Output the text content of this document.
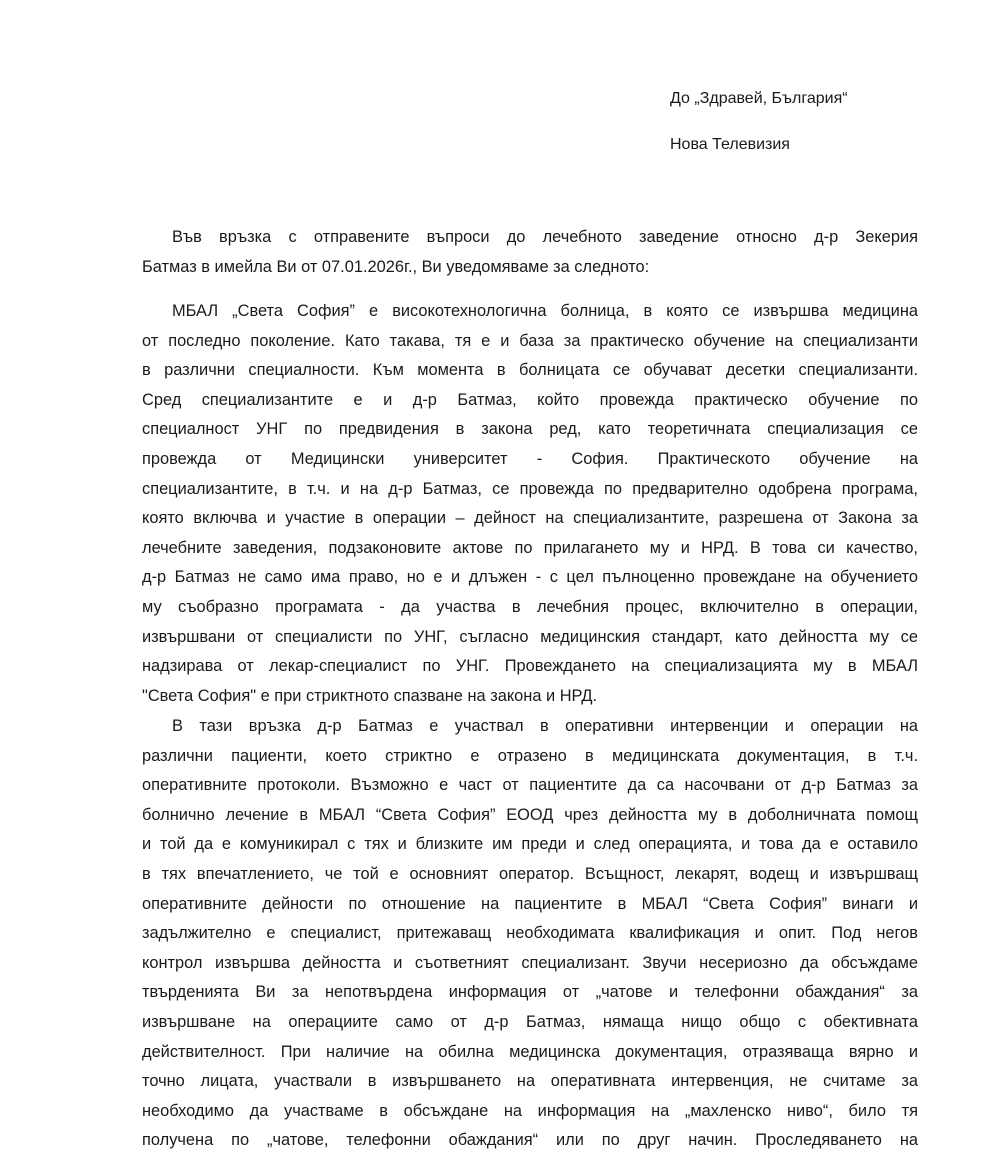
До „Здравей, България“
Нова Телевизия
Във връзка с отправените въпроси до лечебното заведение относно д-р Зекерия
Батмаз в имейла Ви от 07.01.2026г., Ви уведомяваме за следното:
МБАЛ „Света София” е високотехнологична болница, в която се извършва медицина
от последно поколение. Като такава, тя е и база за практическо обучение на специализанти
в различни специалности. Към момента в болницата се обучават десетки специализанти.
Сред специализантите е и д-р Батмаз, който провежда практическо обучение по
специалност УНГ по предвидения в закона ред, като теоретичната специализация се
провежда от Медицински университет - София. Практическото обучение на
специализантите, в т.ч. и на д-р Батмаз, се провежда по предварително одобрена програма,
която включва и участие в операции – дейност на специализантите, разрешена от Закона за
лечебните заведения, подзаконовите актове по прилагането му и НРД. В това си качество,
д-р Батмаз не само има право, но е и длъжен - с цел пълноценно провеждане на обучението
му съобразно програмата - да участва в лечебния процес, включително в операции,
извършвани от специалисти по УНГ, съгласно медицинския стандарт, като дейността му се
надзирава от лекар-специалист по УНГ. Провеждането на специализацията му в МБАЛ
"Света София" е при стриктното спазване на закона и НРД.
В тази връзка д-р Батмаз е участвал в оперативни интервенции и операции на
различни пациенти, което стриктно е отразено в медицинската документация, в т.ч.
оперативните протоколи. Възможно е част от пациентите да са насочвани от д-р Батмаз за
болнично лечение в МБАЛ “Света София” ЕООД чрез дейността му в доболничната помощ
и той да е комуникирал с тях и близките им преди и след операцията, и това да е оставило
в тях впечатлението, че той е основният оператор. Всъщност, лекарят, водещ и извършващ
оперативните дейности по отношение на пациентите в МБАЛ “Света София” винаги и
задължително е специалист, притежаващ необходимата квалификация и опит. Под негов
контрол извършва дейността и съответният специализант. Звучи несериозно да обсъждаме
твърденията Ви за непотвърдена информация от „чатове и телефонни обаждания“ за
извършване на операциите само от д-р Батмаз, нямаща нищо общо с обективната
действителност. При наличие на обилна медицинска документация, отразяваща вярно и
точно лицата, участвали в извършването на оперативната интервенция, не считаме за
необходимо да участваме в обсъждане на информация на „махленско ниво“, било тя
получена по „чатове, телефонни обаждания“ или по друг начин. Проследяването на
